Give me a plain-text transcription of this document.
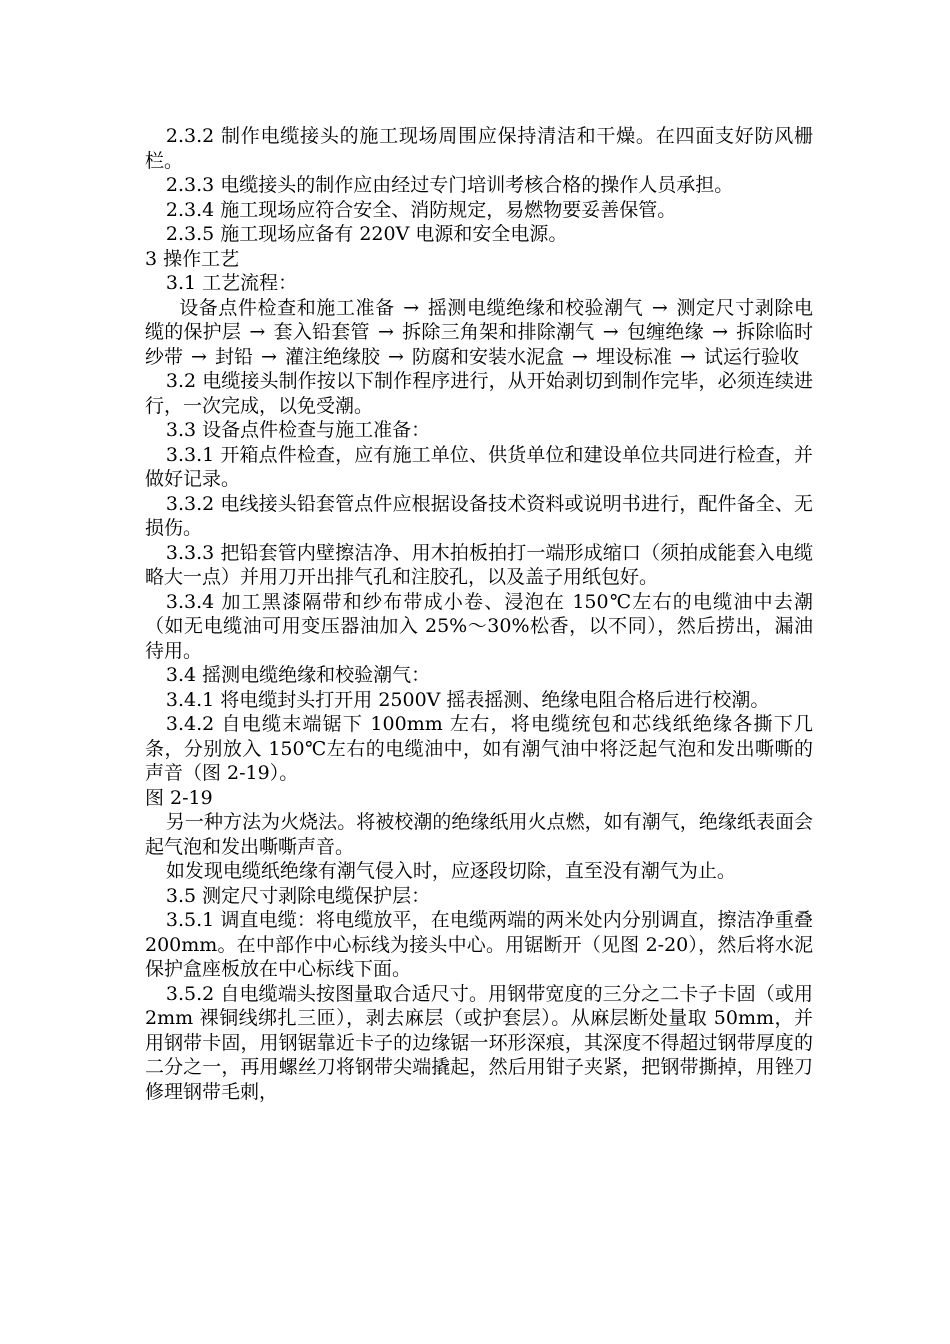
2.3.2 制作电缆接头的施工现场周围应保持清洁和干燥。在四面支好防风栅栏。

2.3.3 电缆接头的制作应由经过专门培训考核合格的操作人员承担。

2.3.4 施工现场应符合安全、消防规定，易燃物要妥善保管。

2.3.5 施工现场应备有 220V 电源和安全电源。

3 操作工艺

3.1 工艺流程：

设备点件检查和施工准备 → 摇测电缆绝缘和校验潮气 → 测定尺寸剥除电缆的保护层 → 套入铅套管 → 拆除三角架和排除潮气 → 包缠绝缘 → 拆除临时纱带 → 封铅 → 灌注绝缘胶 → 防腐和安装水泥盒 → 埋设标准 → 试运行验收

3.2 电缆接头制作按以下制作程序进行，从开始剥切到制作完毕，必须连续进行，一次完成，以免受潮。

3.3 设备点件检查与施工准备：

3.3.1 开箱点件检查，应有施工单位、供货单位和建设单位共同进行检查，并做好记录。

3.3.2 电线接头铅套管点件应根据设备技术资料或说明书进行，配件备全、无损伤。

3.3.3 把铅套管内壁擦洁净、用木拍板拍打一端形成缩口（须拍成能套入电缆略大一点）并用刀开出排气孔和注胶孔，以及盖子用纸包好。

3.3.4 加工黑漆隔带和纱布带成小卷、浸泡在 150℃左右的电缆油中去潮（如无电缆油可用变压器油加入 25%～30%松香，以不同），然后捞出，漏油待用。

3.4 摇测电缆绝缘和校验潮气：

3.4.1 将电缆封头打开用 2500V 摇表摇测、绝缘电阻合格后进行校潮。

3.4.2 自电缆末端锯下 100mm 左右，将电缆统包和芯线纸绝缘各撕下几条，分别放入 150℃左右的电缆油中，如有潮气油中将泛起气泡和发出嘶嘶的声音（图 2-19）。

图 2-19

另一种方法为火烧法。将被校潮的绝缘纸用火点燃，如有潮气，绝缘纸表面会起气泡和发出嘶嘶声音。

如发现电缆纸绝缘有潮气侵入时，应逐段切除，直至没有潮气为止。

3.5 测定尺寸剥除电缆保护层：

3.5.1 调直电缆：将电缆放平，在电缆两端的两米处内分别调直，擦洁净重叠 200mm。在中部作中心标线为接头中心。用锯断开（见图 2-20），然后将水泥保护盒座板放在中心标线下面。

3.5.2 自电缆端头按图量取合适尺寸。用钢带宽度的三分之二卡子卡固（或用 2mm 裸铜线绑扎三匝），剥去麻层（或护套层）。从麻层断处量取 50mm，并用钢带卡固，用钢锯靠近卡子的边缘锯一环形深痕，其深度不得超过钢带厚度的二分之一，再用螺丝刀将钢带尖端撬起，然后用钳子夹紧，把钢带撕掉，用锉刀修理钢带毛刺，
